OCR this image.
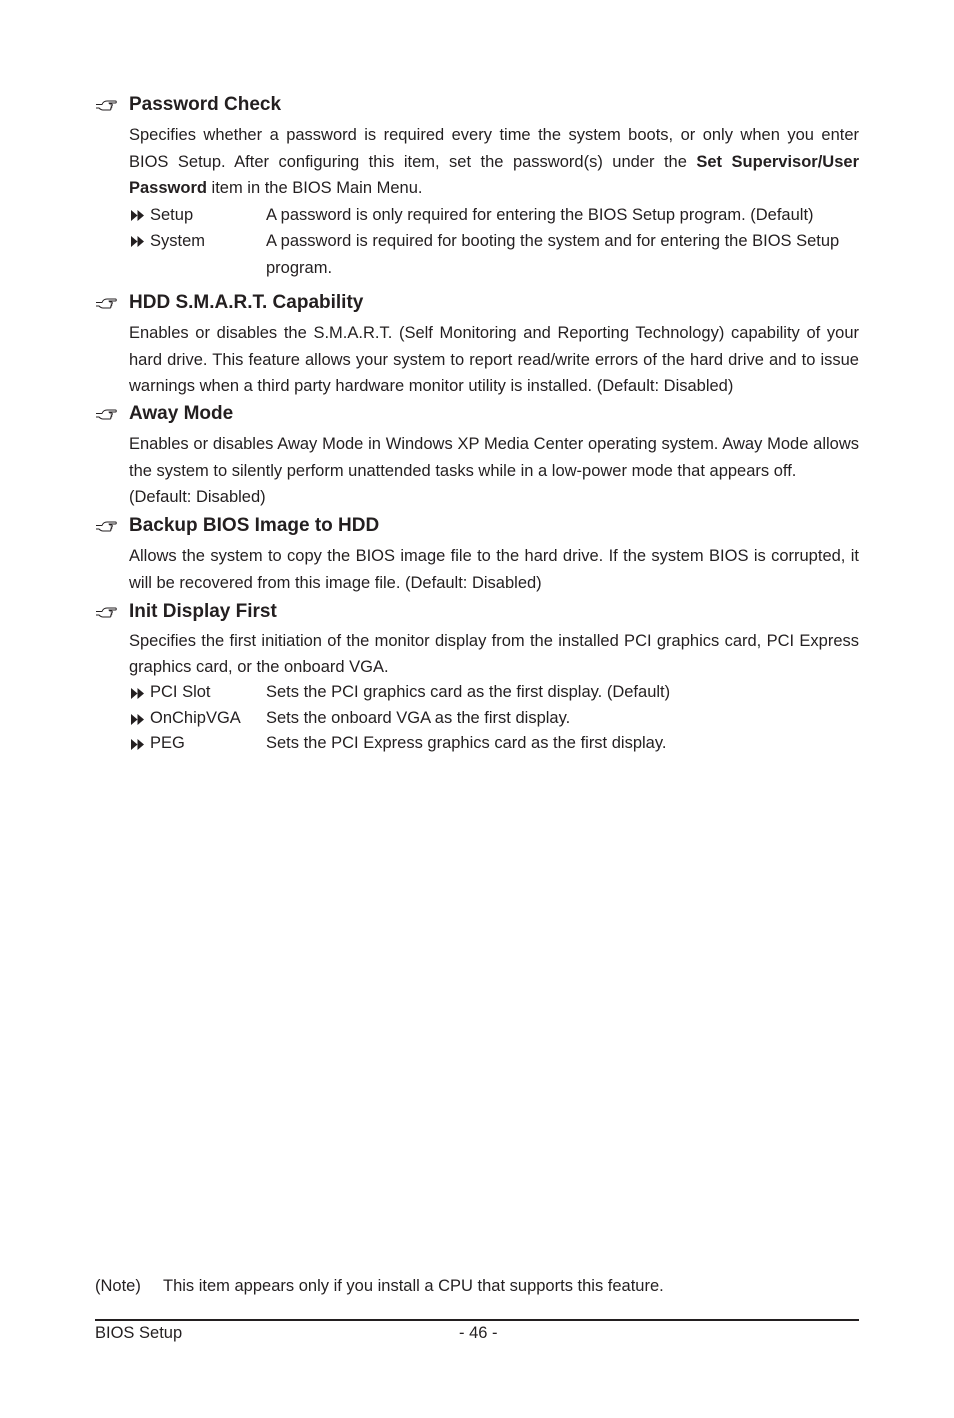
Password Check
Specifies whether a password is required every time the system boots, or only when you enter BIOS Setup. After configuring this item, set the password(s) under the Set Supervisor/User Password item in the BIOS Main Menu.
Setup	A password is only required for entering the BIOS Setup program. (Default)
System	A password is required for booting the system and for entering the BIOS Setup program.
HDD S.M.A.R.T. Capability
Enables or disables the S.M.A.R.T. (Self Monitoring and Reporting Technology) capability of your hard drive. This feature allows your system to report read/write errors of the hard drive and to issue warnings when a third party hardware monitor utility is installed. (Default: Disabled)
Away Mode
Enables or disables Away Mode in Windows XP Media Center operating system. Away Mode allows the system to silently perform unattended tasks while in a low-power mode that appears off.
(Default: Disabled)
Backup BIOS Image to HDD
Allows the system to copy the BIOS image file to the hard drive. If the system BIOS is corrupted, it will be recovered from this image file. (Default: Disabled)
Init Display First
Specifies the first initiation of the monitor display from the installed PCI graphics card, PCI Express graphics card, or the onboard VGA.
PCI Slot	Sets the PCI graphics card as the first display. (Default)
OnChipVGA Sets the onboard VGA as the first display.
PEG	Sets the PCI Express graphics card as the first display.
(Note) This item appears only if you install a CPU that supports this feature.
BIOS Setup	- 46 -
